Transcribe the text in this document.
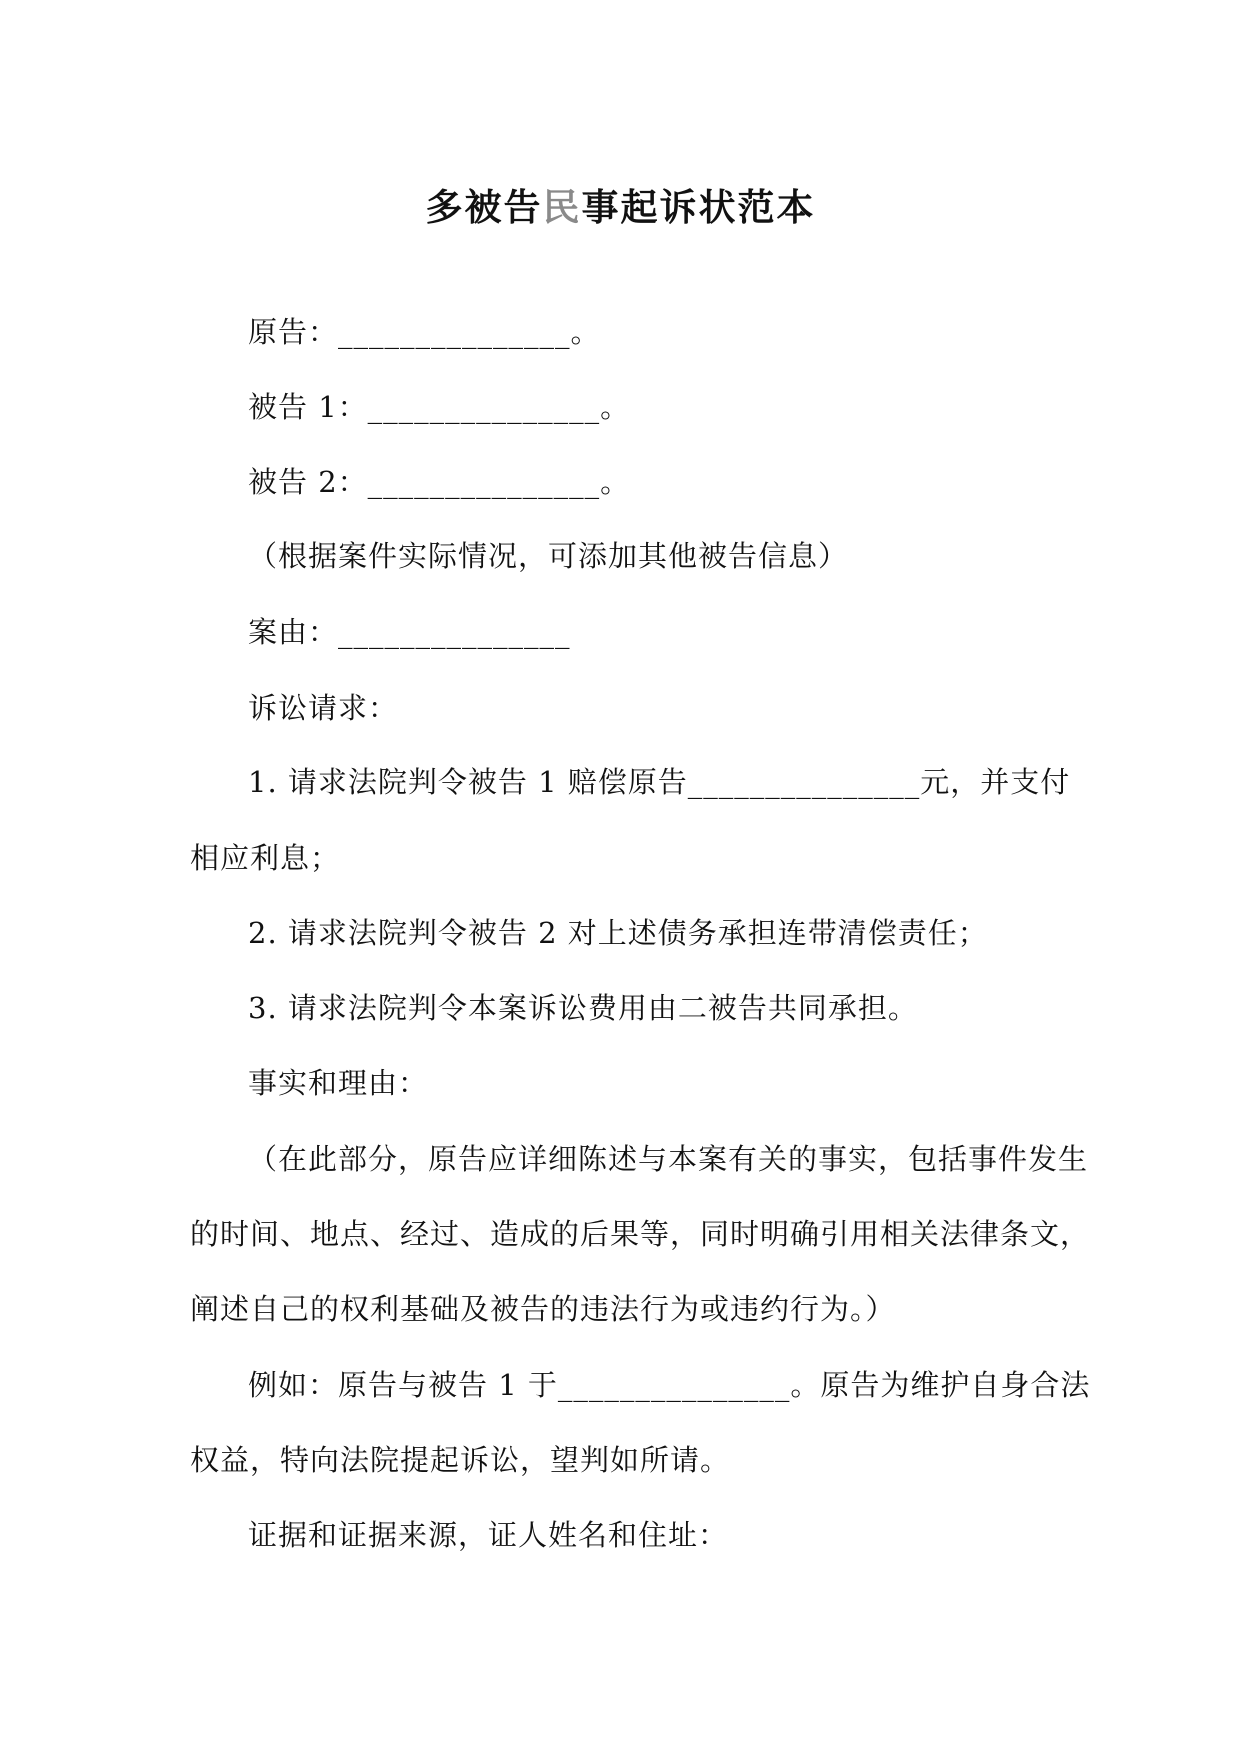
多被告民事起诉状范本
原告：_______________。
被告 1：_______________。
被告 2：_______________。
（根据案件实际情况，可添加其他被告信息）
案由：_______________
诉讼请求：
1. 请求法院判令被告 1 赔偿原告_______________元，并支付
相应利息；
2. 请求法院判令被告 2 对上述债务承担连带清偿责任；
3. 请求法院判令本案诉讼费用由二被告共同承担。
事实和理由：
（在此部分，原告应详细陈述与本案有关的事实，包括事件发生
的时间、地点、经过、造成的后果等，同时明确引用相关法律条文，
阐述自己的权利基础及被告的违法行为或违约行为。）
例如：原告与被告 1 于_______________。原告为维护自身合法
权益，特向法院提起诉讼，望判如所请。
证据和证据来源，证人姓名和住址：
